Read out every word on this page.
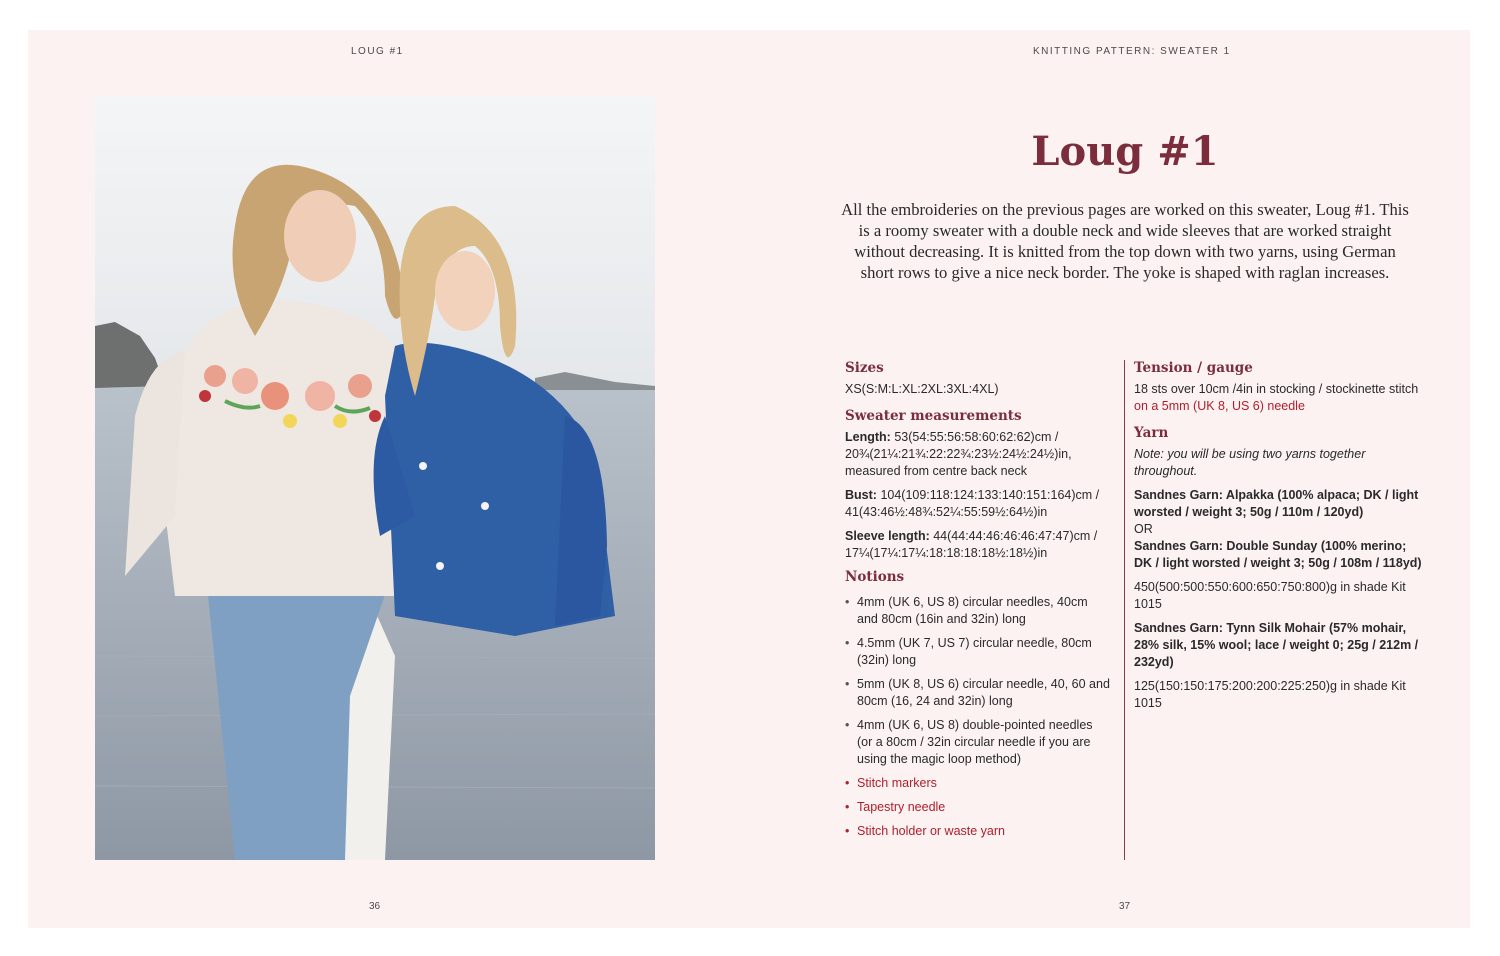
LOUG #1	KNITTING PATTERN: SWEATER 1
Loug #1

All the embroideries on the previous pages are worked on this sweater, Loug #1. This is a roomy sweater with a double neck and wide sleeves that are worked straight without decreasing. It is knitted from the top down with two yarns, using German short rows to give a nice neck border. The yoke is shaped with raglan increases.

Sizes
XS(S:M:L:XL:2XL:3XL:4XL)
Sweater measurements
Length: 53(54:55:56:58:60:62:62)cm / 20¾(21¼:21¾:22:22¾:23½:24½:24½)in, measured from centre back neck
Bust: 104(109:118:124:133:140:151:164)cm / 41(43:46½:48¾:52¼:55:59½:64½)in
Sleeve length: 44(44:44:46:46:46:47:47)cm / 17¼(17¼:17¼:18:18:18:18½:18½)in
Notions
• 4mm (UK 6, US 8) circular needles, 40cm and 80cm (16in and 32in) long
• 4.5mm (UK 7, US 7) circular needle, 80cm (32in) long
• 5mm (UK 8, US 6) circular needle, 40, 60 and 80cm (16, 24 and 32in) long
• 4mm (UK 6, US 8) double-pointed needles (or a 80cm / 32in circular needle if you are using the magic loop method)
• Stitch markers
• Tapestry needle
• Stitch holder or waste yarn
Tension / gauge
18 sts over 10cm /4in in stocking / stockinette stitch on a 5mm (UK 8, US 6) needle
Yarn
Note: you will be using two yarns together throughout.
Sandnes Garn: Alpakka (100% alpaca; DK / light worsted / weight 3; 50g / 110m / 120yd)
OR
Sandnes Garn: Double Sunday (100% merino; DK / light worsted / weight 3; 50g / 108m / 118yd)
450(500:500:550:600:650:750:800)g in shade Kit 1015
Sandnes Garn: Tynn Silk Mohair (57% mohair, 28% silk, 15% wool; lace / weight 0; 25g / 212m / 232yd)
125(150:150:175:200:200:225:250)g in shade Kit 1015
36	37
